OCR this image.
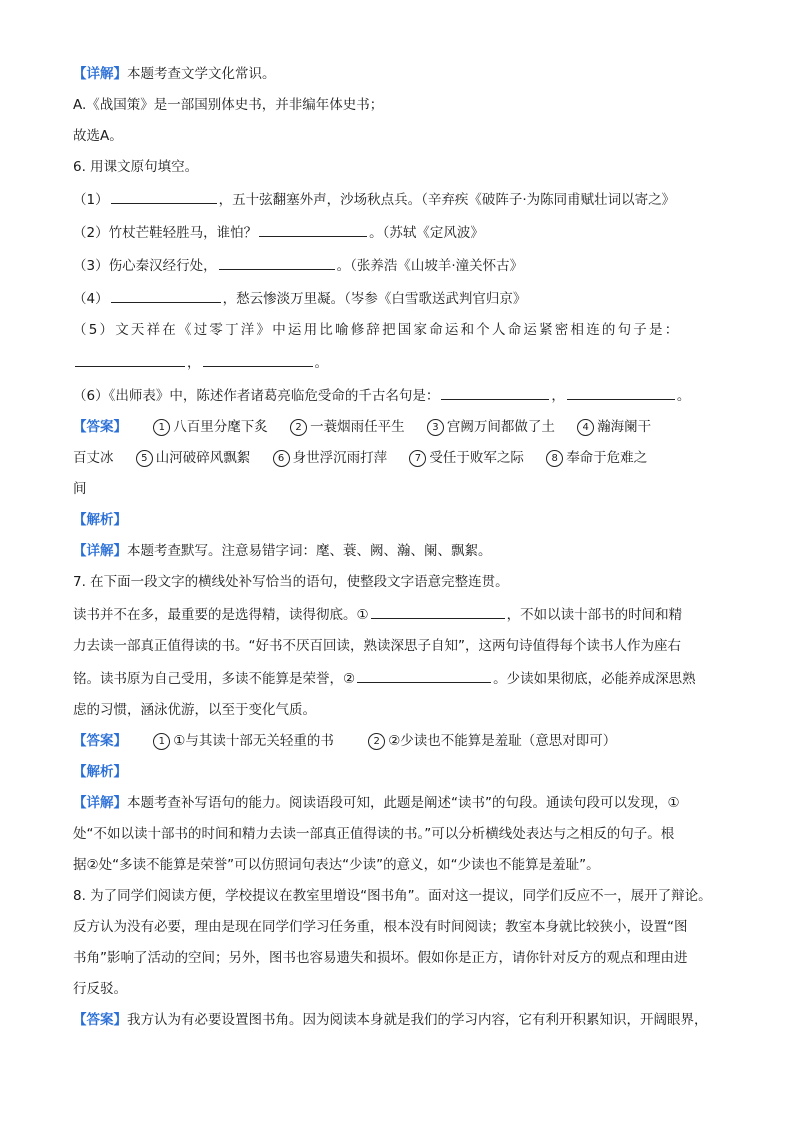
【详解】本题考查文学文化常识。

A.《战国策》是一部国别体史书，并非编年体史书；

故选A。

6. 用课文原句填空。

（1）	，五十弦翻塞外声，沙场秋点兵。（辛弃疾《破阵子·为陈同甫赋壮词以寄之》

（2）竹杖芒鞋轻胜马，谁怕？	。（苏轼《定风波》

（3）伤心秦汉经行处，	。（张养浩《山坡羊·潼关怀古》

（4）	，愁云惨淡万里凝。（岑参《白雪歌送武判官归京》

（5）文天祥在《过零丁洋》中运用比喻修辞把国家命运和个人命运紧密相连的句子是：

，	。

（6）《出师表》中，陈述作者诸葛亮临危受命的千古名句是：	，	。

【答案】	1 八百里分麾下炙	2 一蓑烟雨任平生	3 宫阙万间都做了土	4 瀚海阑干

百丈冰	5 山河破碎风飘絮	6 身世浮沉雨打萍	7 受任于败军之际	8 奉命于危难之

间

【解析】

【详解】本题考查默写。注意易错字词：麾、蓑、阙、瀚、阑、飘絮。

7. 在下面一段文字的横线处补写恰当的语句，使整段文字语意完整连贯。

读书并不在多，最重要的是选得精，读得彻底。①	，不如以读十部书的时间和精

力去读一部真正值得读的书。“好书不厌百回读，熟读深思子自知”，这两句诗值得每个读书人作为座右

铭。读书原为自己受用，多读不能算是荣誉，②	。少读如果彻底，必能养成深思熟

虑的习惯，涵泳优游，以至于变化气质。

【答案】	1 ①与其读十部无关轻重的书	2 ②少读也不能算是羞耻（意思对即可）

【解析】

【详解】本题考查补写语句的能力。阅读语段可知，此题是阐述“读书”的句段。通读句段可以发现，①

处“不如以读十部书的时间和精力去读一部真正值得读的书。”可以分析横线处表达与之相反的句子。根

据②处“多读不能算是荣誉”可以仿照词句表达“少读”的意义，如“少读也不能算是羞耻”。

8. 为了同学们阅读方便，学校提议在教室里增设“图书角”。面对这一提议，同学们反应不一，展开了辩论。

反方认为没有必要，理由是现在同学们学习任务重，根本没有时间阅读；教室本身就比较狭小，设置“图

书角”影响了活动的空间；另外，图书也容易遗失和损坏。假如你是正方，请你针对反方的观点和理由进

行反驳。

【答案】我方认为有必要设置图书角。因为阅读本身就是我们的学习内容，它有利开积累知识，开阔眼界，
